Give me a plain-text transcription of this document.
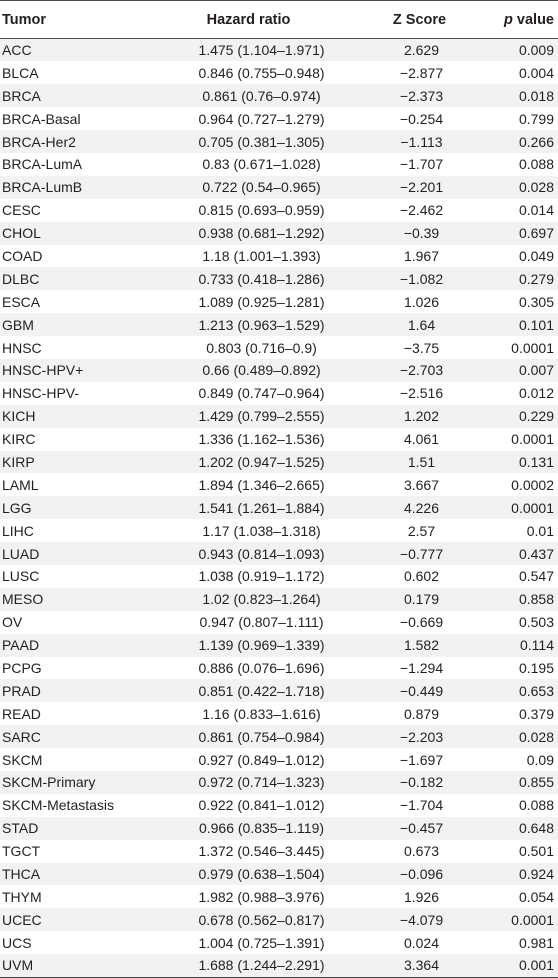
Tumor	Hazard ratio	Z Score	p value
ACC	1.475 (1.104–1.971)	2.629	0.009
BLCA	0.846 (0.755–0.948)	−2.877	0.004
BRCA	0.861 (0.76–0.974)	−2.373	0.018
BRCA-Basal	0.964 (0.727–1.279)	−0.254	0.799
BRCA-Her2	0.705 (0.381–1.305)	−1.113	0.266
BRCA-LumA	0.83 (0.671–1.028)	−1.707	0.088
BRCA-LumB	0.722 (0.54–0.965)	−2.201	0.028
CESC	0.815 (0.693–0.959)	−2.462	0.014
CHOL	0.938 (0.681–1.292)	−0.39	0.697
COAD	1.18 (1.001–1.393)	1.967	0.049
DLBC	0.733 (0.418–1.286)	−1.082	0.279
ESCA	1.089 (0.925–1.281)	1.026	0.305
GBM	1.213 (0.963–1.529)	1.64	0.101
HNSC	0.803 (0.716–0.9)	−3.75	0.0001
HNSC-HPV+	0.66 (0.489–0.892)	−2.703	0.007
HNSC-HPV-	0.849 (0.747–0.964)	−2.516	0.012
KICH	1.429 (0.799–2.555)	1.202	0.229
KIRC	1.336 (1.162–1.536)	4.061	0.0001
KIRP	1.202 (0.947–1.525)	1.51	0.131
LAML	1.894 (1.346–2.665)	3.667	0.0002
LGG	1.541 (1.261–1.884)	4.226	0.0001
LIHC	1.17 (1.038–1.318)	2.57	0.01
LUAD	0.943 (0.814–1.093)	−0.777	0.437
LUSC	1.038 (0.919–1.172)	0.602	0.547
MESO	1.02 (0.823–1.264)	0.179	0.858
OV	0.947 (0.807–1.111)	−0.669	0.503
PAAD	1.139 (0.969–1.339)	1.582	0.114
PCPG	0.886 (0.076–1.696)	−1.294	0.195
PRAD	0.851 (0.422–1.718)	−0.449	0.653
READ	1.16 (0.833–1.616)	0.879	0.379
SARC	0.861 (0.754–0.984)	−2.203	0.028
SKCM	0.927 (0.849–1.012)	−1.697	0.09
SKCM-Primary	0.972 (0.714–1.323)	−0.182	0.855
SKCM-Metastasis	0.922 (0.841–1.012)	−1.704	0.088
STAD	0.966 (0.835–1.119)	−0.457	0.648
TGCT	1.372 (0.546–3.445)	0.673	0.501
THCA	0.979 (0.638–1.504)	−0.096	0.924
THYM	1.982 (0.988–3.976)	1.926	0.054
UCEC	0.678 (0.562–0.817)	−4.079	0.0001
UCS	1.004 (0.725–1.391)	0.024	0.981
UVM	1.688 (1.244–2.291)	3.364	0.001
